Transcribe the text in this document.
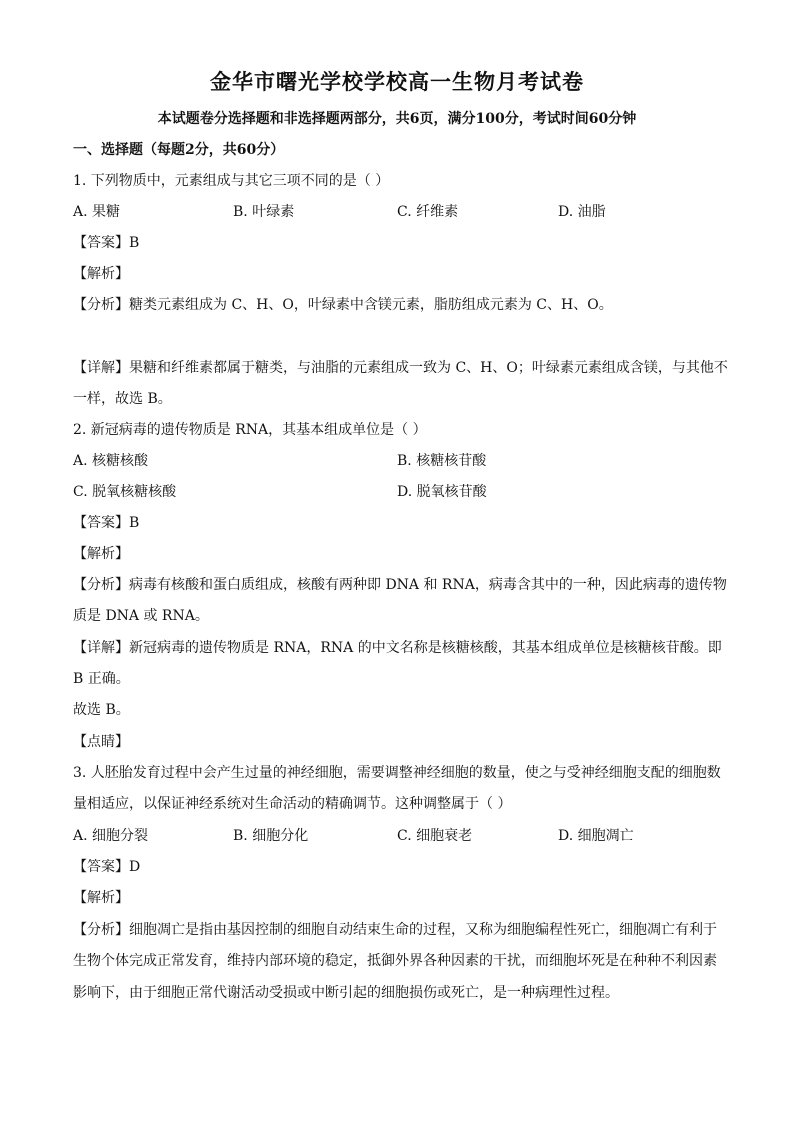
金华市曙光学校学校高一生物月考试卷
本试题卷分选择题和非选择题两部分，共6页，满分100分，考试时间60分钟
一、选择题（每题2分，共60分）
1. 下列物质中，元素组成与其它三项不同的是（ ）
A. 果糖	B. 叶绿素	C. 纤维素	D. 油脂
【答案】B
【解析】
【分析】糖类元素组成为 C、H、O，叶绿素中含镁元素，脂肪组成元素为 C、H、O。
【详解】果糖和纤维素都属于糖类，与油脂的元素组成一致为 C、H、O；叶绿素元素组成含镁，与其他不
一样，故选 B。
2. 新冠病毒的遗传物质是 RNA，其基本组成单位是（ ）
A. 核糖核酸	B. 核糖核苷酸
C. 脱氧核糖核酸	D. 脱氧核苷酸
【答案】B
【解析】
【分析】病毒有核酸和蛋白质组成，核酸有两种即 DNA 和 RNA，病毒含其中的一种，因此病毒的遗传物
质是 DNA 或 RNA。
【详解】新冠病毒的遗传物质是 RNA，RNA 的中文名称是核糖核酸，其基本组成单位是核糖核苷酸。即
B 正确。
故选 B。
【点睛】
3. 人胚胎发育过程中会产生过量的神经细胞，需要调整神经细胞的数量，使之与受神经细胞支配的细胞数
量相适应，以保证神经系统对生命活动的精确调节。这种调整属于（ ）
A. 细胞分裂	B. 细胞分化	C. 细胞衰老	D. 细胞凋亡
【答案】D
【解析】
【分析】细胞凋亡是指由基因控制的细胞自动结束生命的过程，又称为细胞编程性死亡，细胞凋亡有利于
生物个体完成正常发育，维持内部环境的稳定，抵御外界各种因素的干扰，而细胞坏死是在种种不利因素
影响下，由于细胞正常代谢活动受损或中断引起的细胞损伤或死亡，是一种病理性过程。
